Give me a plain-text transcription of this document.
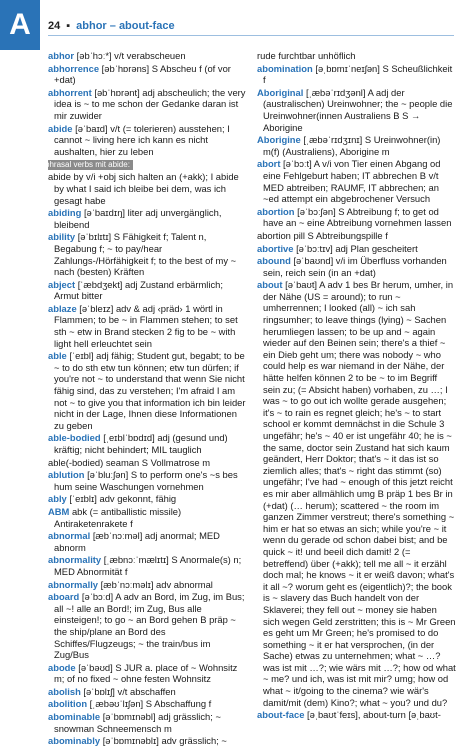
A	24 ▪ abhor – about-face
abhor [əbˈhɔː*] v/t verabscheuen
abhorrence [əbˈhɒrəns] S Abscheu f (of vor +dat)
abhorrent [əbˈhɒrənt] adj abscheulich; the very idea is ~ to me schon der Gedanke daran ist mir zuwider
abide [əˈbaɪd] v/t (= tolerieren) ausstehen; I cannot ~ living here ich kann es nicht aushalten, hier zu leben
phrasal verbs mit abide:
abide by v/i +obj sich halten an (+akk); I abide by what I said ich bleibe bei dem, was ich gesagt habe
abiding [əˈbaɪdɪŋ] liter adj unvergänglich, bleibend
ability [əˈbɪlɪtɪ] S Fähigkeit f; Talent n, Begabung f; ~ to pay/hear Zahlungs-/Hörfähigkeit f; to the best of my ~ nach (besten) Kräften
abject [ˈæbdʒekt] adj Zustand erbärmlich; Armut bitter
ablaze [əˈbleɪz] adv & adj ‹präd› 1 wörtl in Flammen; to be ~ in Flammen stehen; to set sth ~ etw in Brand stecken 2 fig to be ~ with light hell erleuchtet sein
able [ˈeɪbl] adj fähig; Student gut, begabt; to be ~ to do sth etw tun können; etw tun dürfen; if you're not ~ to understand that wenn Sie nicht fähig sind, das zu verstehen; I'm afraid I am not ~ to give you that information ich bin leider nicht in der Lage, Ihnen diese Informationen zu geben
able-bodied [ˌeɪblˈbɒdɪd] adj (gesund und) kräftig; nicht behindert; MIL tauglich
able(-bodied) seaman S Vollmatrose m
ablution [əˈbluːʃən] S to perform one's ~s bes hum seine Waschungen vornehmen
ably [ˈeɪblɪ] adv gekonnt, fähig
ABM abk (= antiballistic missile) Antiraketenrakete f
abnormal [æbˈnɔːməl] adj anormal; MED abnorm
abnormality [ˌæbnɔːˈmælɪtɪ] S Anormale(s) n; MED Abnormität f
abnormally [æbˈnɔːməlɪ] adv abnormal
aboard [əˈbɔːd] A adv an Bord, im Zug, im Bus; all ~! alle an Bord!; im Zug, Bus alle einsteigen!; to go ~ an Bord gehen B präp ~ the ship/plane an Bord des Schiffes/Flugzeugs; ~ the train/bus im Zug/Bus
abode [əˈbəʊd] S JUR a. place of ~ Wohnsitz m; of no fixed ~ ohne festen Wohnsitz
abolish [əˈbɒlɪʃ] v/t abschaffen
abolition [ˌæbəʊˈlɪʃən] S Abschaffung f
abominable [əˈbɒmɪnəbl] adj grässlich; ~ snowman Schneemensch m
abominably [əˈbɒmɪnəblɪ] adv grässlich; ~
rude furchtbar unhöflich
abomination [əˌbɒmɪˈneɪʃən] S Scheußlichkeit f
Aboriginal [ˌæbəˈrɪdʒənl] A adj der (australischen) Ureinwohner; the ~ people die Ureinwohner(innen Australiens B S → Aborigine
Aborigine [ˌæbəˈrɪdʒɪnɪ] S Ureinwohner(in) m(f) (Australiens), Aborigine m
abort [əˈbɔːt] A v/i von Tier einen Abgang od eine Fehlgeburt haben; IT abbrechen B v/t MED abtreiben; RAUMF, IT abbrechen; an ~ed attempt ein abgebrochener Versuch
abortion [əˈbɔːʃən] S Abtreibung f; to get od have an ~ eine Abtreibung vornehmen lassen
abortion pill S Abtreibungspille f
abortive [əˈbɔːtɪv] adj Plan gescheitert
abound [əˈbaʊnd] v/i im Überfluss vorhanden sein, reich sein (in an +dat)
about [əˈbaʊt] A adv 1 bes Br herum, umher, in der Nähe (US = around); to run ~ umherrennen; I looked (all) ~ ich sah ringsumher; to leave things (lying) ~ Sachen herumliegen lassen; to be up and ~ again wieder auf den Beinen sein; there's a thief ~ ein Dieb geht um; there was nobody ~ who could help es war niemand in der Nähe, der hätte helfen können 2 to be ~ to im Begriff sein zu; (= Absicht haben) vorhaben, zu …; I was ~ to go out ich wollte gerade ausgehen; it's ~ to rain es regnet gleich; he's ~ to start school er kommt demnächst in die Schule 3 ungefähr; he's ~ 40 er ist ungefähr 40; he is ~ the same, doctor sein Zustand hat sich kaum geändert, Herr Doktor; that's ~ it das ist so ziemlich alles; that's ~ right das stimmt (so) ungefähr; I've had ~ enough of this jetzt reicht es mir aber allmählich umg B präp 1 bes Br in (+dat) (… herum); scattered ~ the room im ganzen Zimmer verstreut; there's something ~ him er hat so etwas an sich; while you're ~ it wenn du gerade od schon dabei bist; and be quick ~ it! und beeil dich damit! 2 (= betreffend) über (+akk); tell me all ~ it erzähl doch mal; he knows ~ it er weiß davon; what's it all ~? worum geht es (eigentlich)?; the book is ~ slavery das Buch handelt von der Sklaverei; they fell out ~ money sie haben sich wegen Geld zerstritten; this is ~ Mr Green es geht um Mr Green; he's promised to do something ~ it er hat versprochen, (in der Sache) etwas zu unternehmen; what ~ …? was ist mit …?; wie wärs mit …?; how od what ~ me? und ich, was ist mit mir? umg; how od what ~ it/going to the cinema? wie wär's damit/mit (dem) Kino?; what ~ you? und du?
about-face [əˌbaʊtˈfeɪs], about-turn [əˌbaʊt-
